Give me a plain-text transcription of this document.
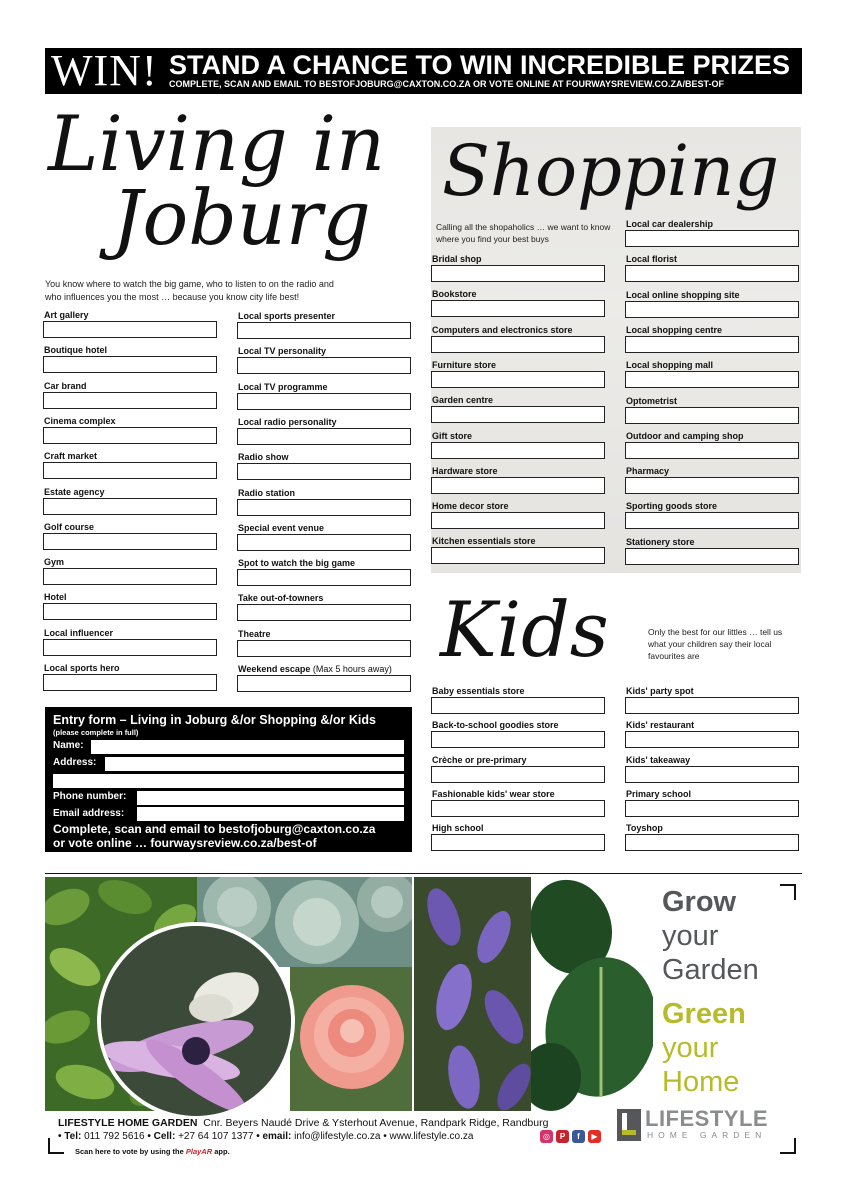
WIN! STAND A CHANCE TO WIN INCREDIBLE PRIZES
COMPLETE, SCAN AND EMAIL TO BESTOFJOBURG@CAXTON.CO.ZA OR VOTE ONLINE AT FOURWAYSREVIEW.CO.ZA/BEST-OF
Living in
Joburg
You know where to watch the big game, who to listen to on the radio and who influences you the most … because you know city life best!
Art gallery
Boutique hotel
Car brand
Cinema complex
Craft market
Estate agency
Golf course
Gym
Hotel
Local influencer
Local sports hero
Local sports presenter
Local TV personality
Local TV programme
Local radio personality
Radio show
Radio station
Special event venue
Spot to watch the big game
Take out-of-towners
Theatre
Weekend escape (Max 5 hours away)
Shopping
Calling all the shopaholics … we want to know where you find your best buys
Bridal shop
Bookstore
Computers and electronics store
Furniture store
Garden centre
Gift store
Hardware store
Home decor store
Kitchen essentials store
Local car dealership
Local florist
Local online shopping site
Local shopping centre
Local shopping mall
Optometrist
Outdoor and camping shop
Pharmacy
Sporting goods store
Stationery store
Kids	Only the best for our littles … tell us what your children say their local favourites are
Baby essentials store
Back-to-school goodies store
Crèche or pre-primary
Fashionable kids' wear store
High school
Kids' party spot
Kids' restaurant
Kids' takeaway
Primary school
Toyshop
Entry form – Living in Joburg &/or Shopping &/or Kids
(please complete in full)
Name:
Address:
Phone number:
Email address:
Complete, scan and email to bestofjoburg@caxton.co.za
or vote online … fourwaysreview.co.za/best-of
Grow
your
Garden
Green
your
Home
LIFESTYLE
HOME GARDEN
LIFESTYLE HOME GARDEN Cnr. Beyers Naudé Drive & Ysterhout Avenue, Randpark Ridge, Randburg
• Tel: 011 792 5616 • Cell: +27 64 107 1377 • email: info@lifestyle.co.za • www.lifestyle.co.za	◎	P	f	▶
Scan here to vote by using the PlayAR app.
